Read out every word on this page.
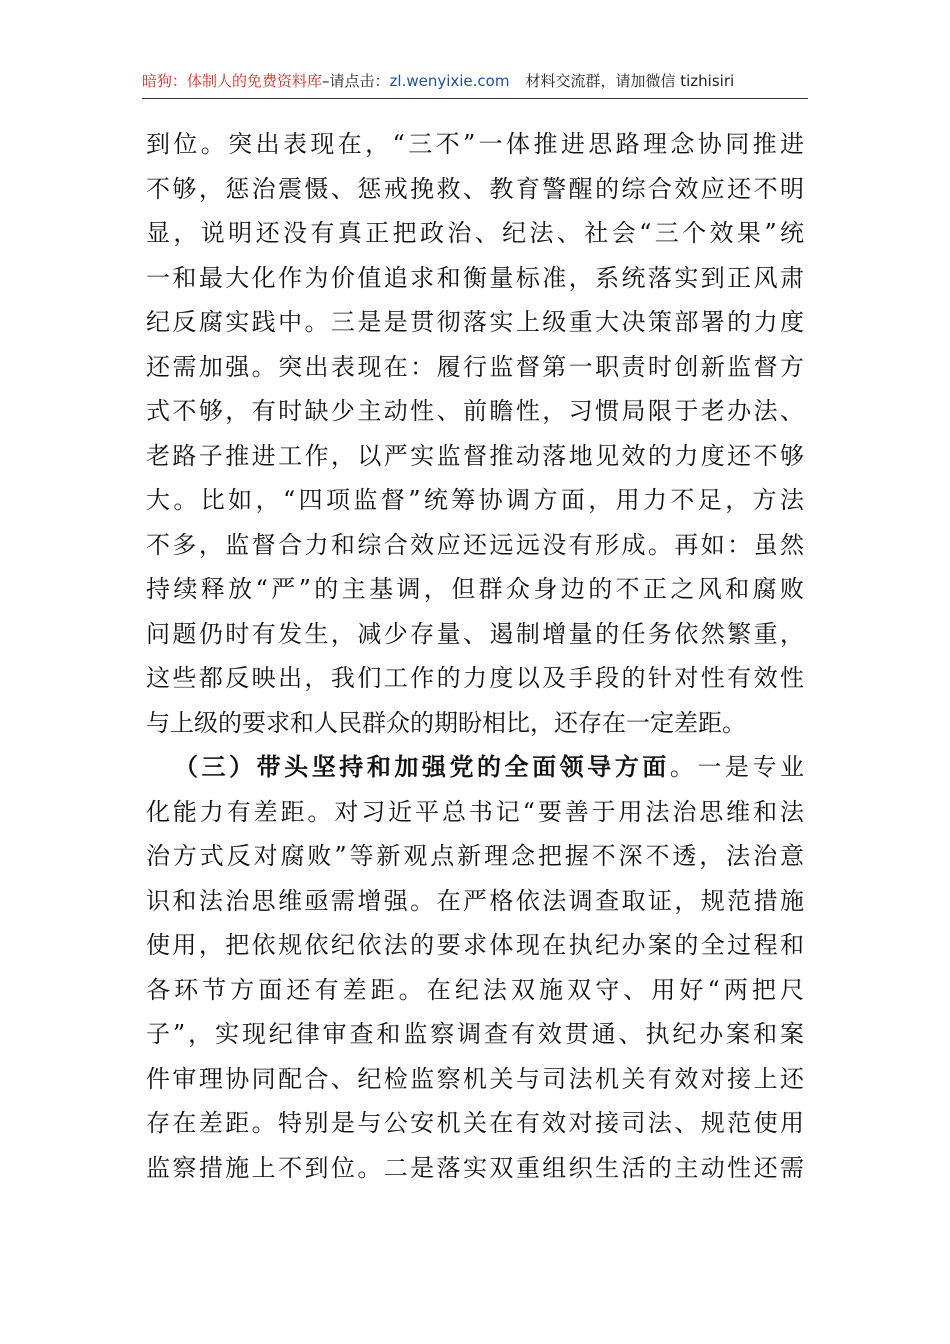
暗狗：体制人的免费资料库–请点击：zl.wenyixie.com 材料交流群，请加微信 tizhisiri
到位。突出表现在，“三不”一体推进思路理念协同推进
不够，惩治震慑、惩戒挽救、教育警醒的综合效应还不明
显，说明还没有真正把政治、纪法、社会“三个效果”统
一和最大化作为价值追求和衡量标准，系统落实到正风肃
纪反腐实践中。三是是贯彻落实上级重大决策部署的力度
还需加强。突出表现在：履行监督第一职责时创新监督方
式不够，有时缺少主动性、前瞻性，习惯局限于老办法、
老路子推进工作，以严实监督推动落地见效的力度还不够
大。比如，“四项监督”统筹协调方面，用力不足，方法
不多，监督合力和综合效应还远远没有形成。再如：虽然
持续释放“严”的主基调，但群众身边的不正之风和腐败
问题仍时有发生，减少存量、遏制增量的任务依然繁重，
这些都反映出，我们工作的力度以及手段的针对性有效性
与上级的要求和人民群众的期盼相比，还存在一定差距。
（三）带头坚持和加强党的全面领导方面。一是专业
化能力有差距。对习近平总书记“要善于用法治思维和法
治方式反对腐败”等新观点新理念把握不深不透，法治意
识和法治思维亟需增强。在严格依法调查取证，规范措施
使用，把依规依纪依法的要求体现在执纪办案的全过程和
各环节方面还有差距。在纪法双施双守、用好“两把尺
子”，实现纪律审查和监察调查有效贯通、执纪办案和案
件审理协同配合、纪检监察机关与司法机关有效对接上还
存在差距。特别是与公安机关在有效对接司法、规范使用
监察措施上不到位。二是落实双重组织生活的主动性还需
